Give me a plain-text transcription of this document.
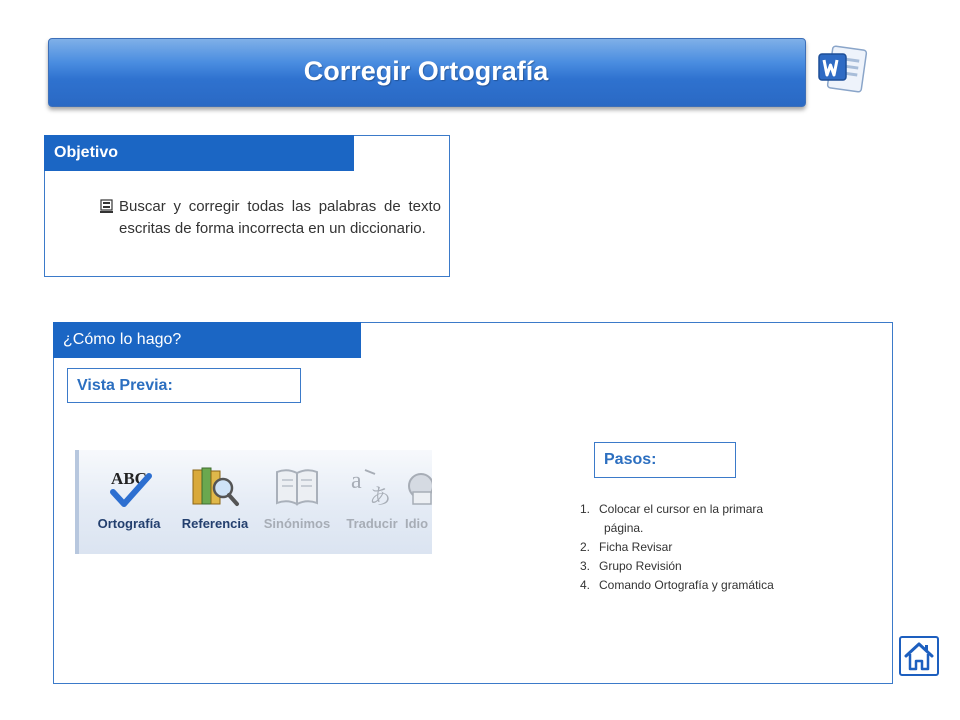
Corregir Ortografía
Objetivo
Buscar y corregir todas las palabras de texto escritas de forma incorrecta en un diccionario.
¿Cómo lo hago?
Vista Previa:
ABC
Ortografía	Referencia	Sinónimos
a
あ
Traducir Idio
Pasos:
1. Colocar el cursor en la primara
página.
2. Ficha Revisar
3. Grupo Revisión
4. Comando Ortografía y gramática
